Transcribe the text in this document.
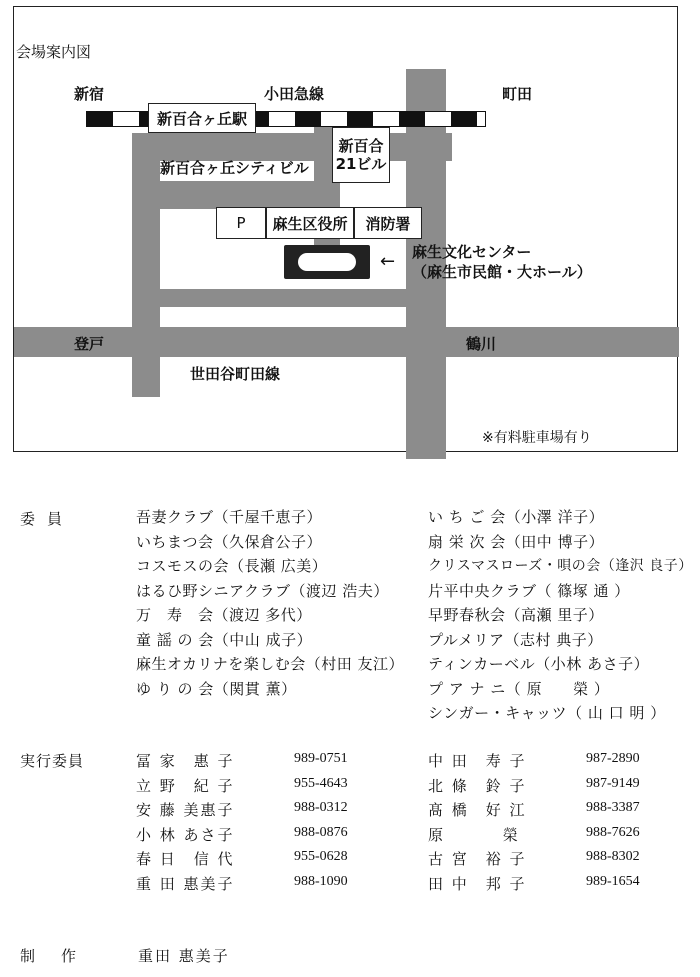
会場案内図
新宿	小田急線	町田
新百合ヶ丘駅
新百合
21ビル
新百合ヶ丘シティビル
P	麻生区役所	消防署
← 麻生文化センター
（麻生市民館・大ホール）
登戸	鶴川
世田谷町田線
※有料駐車場有り
委員	吾妻クラブ（千屋千恵子）
いちまつ会（久保倉公子）
コスモスの会（長瀬 広美）
はるひ野シニアクラブ（渡辺 浩夫）
万　寿　会（渡辺 多代）
童 謡 の 会（中山 成子）
麻生オカリナを楽しむ会（村田 友江）
ゆ り の 会（関貫 薫）
い ち ご 会（小澤 洋子）
扇 栄 次 会（田中 博子）
クリスマスローズ・唄の会（逢沢 良子）
片平中央クラブ（ 篠塚 通 ）
早野春秋会（高瀬 里子）
プルメリア（志村 典子）
ティンカーベル（小林 あさ子）
プ ア ナ ニ（ 原　　榮 ）
シンガー・キャッツ（ 山 口 明 ）
実行委員	冨 家　惠 子	989-0751
立 野　紀 子	955-4643
安 藤 美惠子	988-0312
小 林 あさ子	988-0876
春 日　信 代	955-0628
重 田 惠美子	988-1090
中 田　寿 子	987-2890
北 條　鈴 子	987-9149
髙 橋　好 江	988-3387
原　　　 榮	988-7626
古 宮　裕 子	988-8302
田 中　邦 子	989-1654
制作 重田 惠美子
